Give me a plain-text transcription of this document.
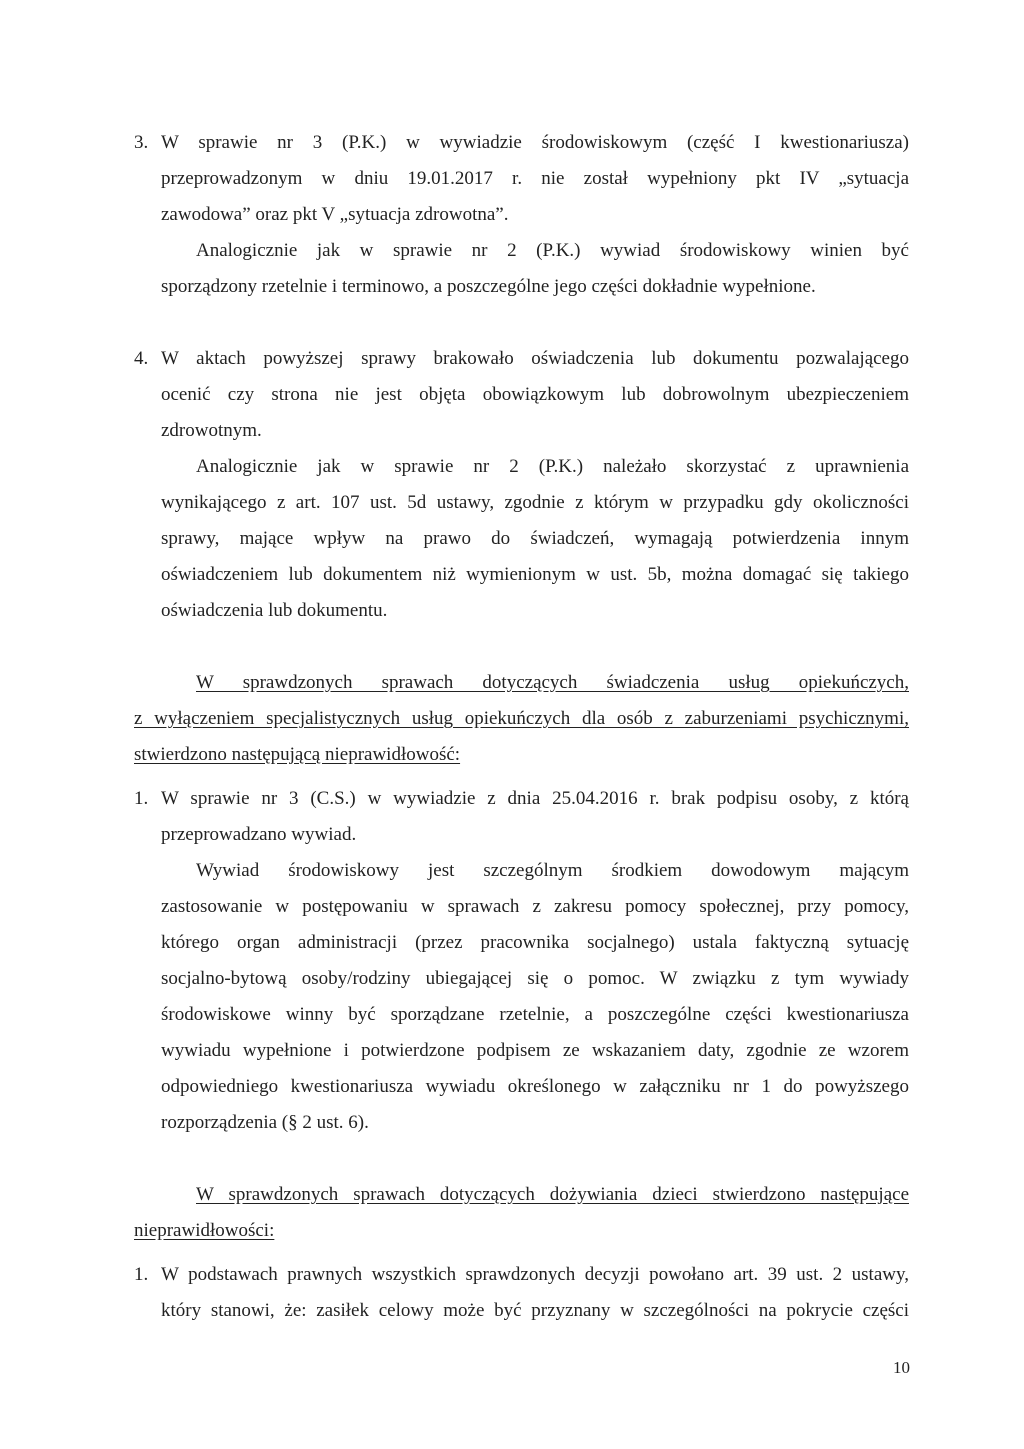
3. W sprawie nr 3 (P.K.) w wywiadzie środowiskowym (część I kwestionariusza)
przeprowadzonym w dniu 19.01.2017 r. nie został wypełniony pkt IV „sytuacja
zawodowa” oraz pkt V „sytuacja zdrowotna”.
Analogicznie jak w sprawie nr 2 (P.K.) wywiad środowiskowy winien być
sporządzony rzetelnie i terminowo, a poszczególne jego części dokładnie wypełnione.
4. W aktach powyższej sprawy brakowało oświadczenia lub dokumentu pozwalającego
ocenić czy strona nie jest objęta obowiązkowym lub dobrowolnym ubezpieczeniem
zdrowotnym.
Analogicznie jak w sprawie nr 2 (P.K.) należało skorzystać z uprawnienia
wynikającego z art. 107 ust. 5d ustawy, zgodnie z którym w przypadku gdy okoliczności
sprawy, mające wpływ na prawo do świadczeń, wymagają potwierdzenia innym
oświadczeniem lub dokumentem niż wymienionym w ust. 5b, można domagać się takiego
oświadczenia lub dokumentu.
W sprawdzonych sprawach dotyczących świadczenia usług opiekuńczych,
z wyłączeniem specjalistycznych usług opiekuńczych dla osób z zaburzeniami psychicznymi,
stwierdzono następującą nieprawidłowość:
1. W sprawie nr 3 (C.S.) w wywiadzie z dnia 25.04.2016 r. brak podpisu osoby, z którą
przeprowadzano wywiad.
Wywiad środowiskowy jest szczególnym środkiem dowodowym mającym
zastosowanie w postępowaniu w sprawach z zakresu pomocy społecznej, przy pomocy,
którego organ administracji (przez pracownika socjalnego) ustala faktyczną sytuację
socjalno-bytową osoby/rodziny ubiegającej się o pomoc. W związku z tym wywiady
środowiskowe winny być sporządzane rzetelnie, a poszczególne części kwestionariusza
wywiadu wypełnione i potwierdzone podpisem ze wskazaniem daty, zgodnie ze wzorem
odpowiedniego kwestionariusza wywiadu określonego w załączniku nr 1 do powyższego
rozporządzenia (§ 2 ust. 6).
W sprawdzonych sprawach dotyczących dożywiania dzieci stwierdzono następujące
nieprawidłowości:
1. W podstawach prawnych wszystkich sprawdzonych decyzji powołano art. 39 ust. 2 ustawy,
który stanowi, że: zasiłek celowy może być przyznany w szczególności na pokrycie części
10
